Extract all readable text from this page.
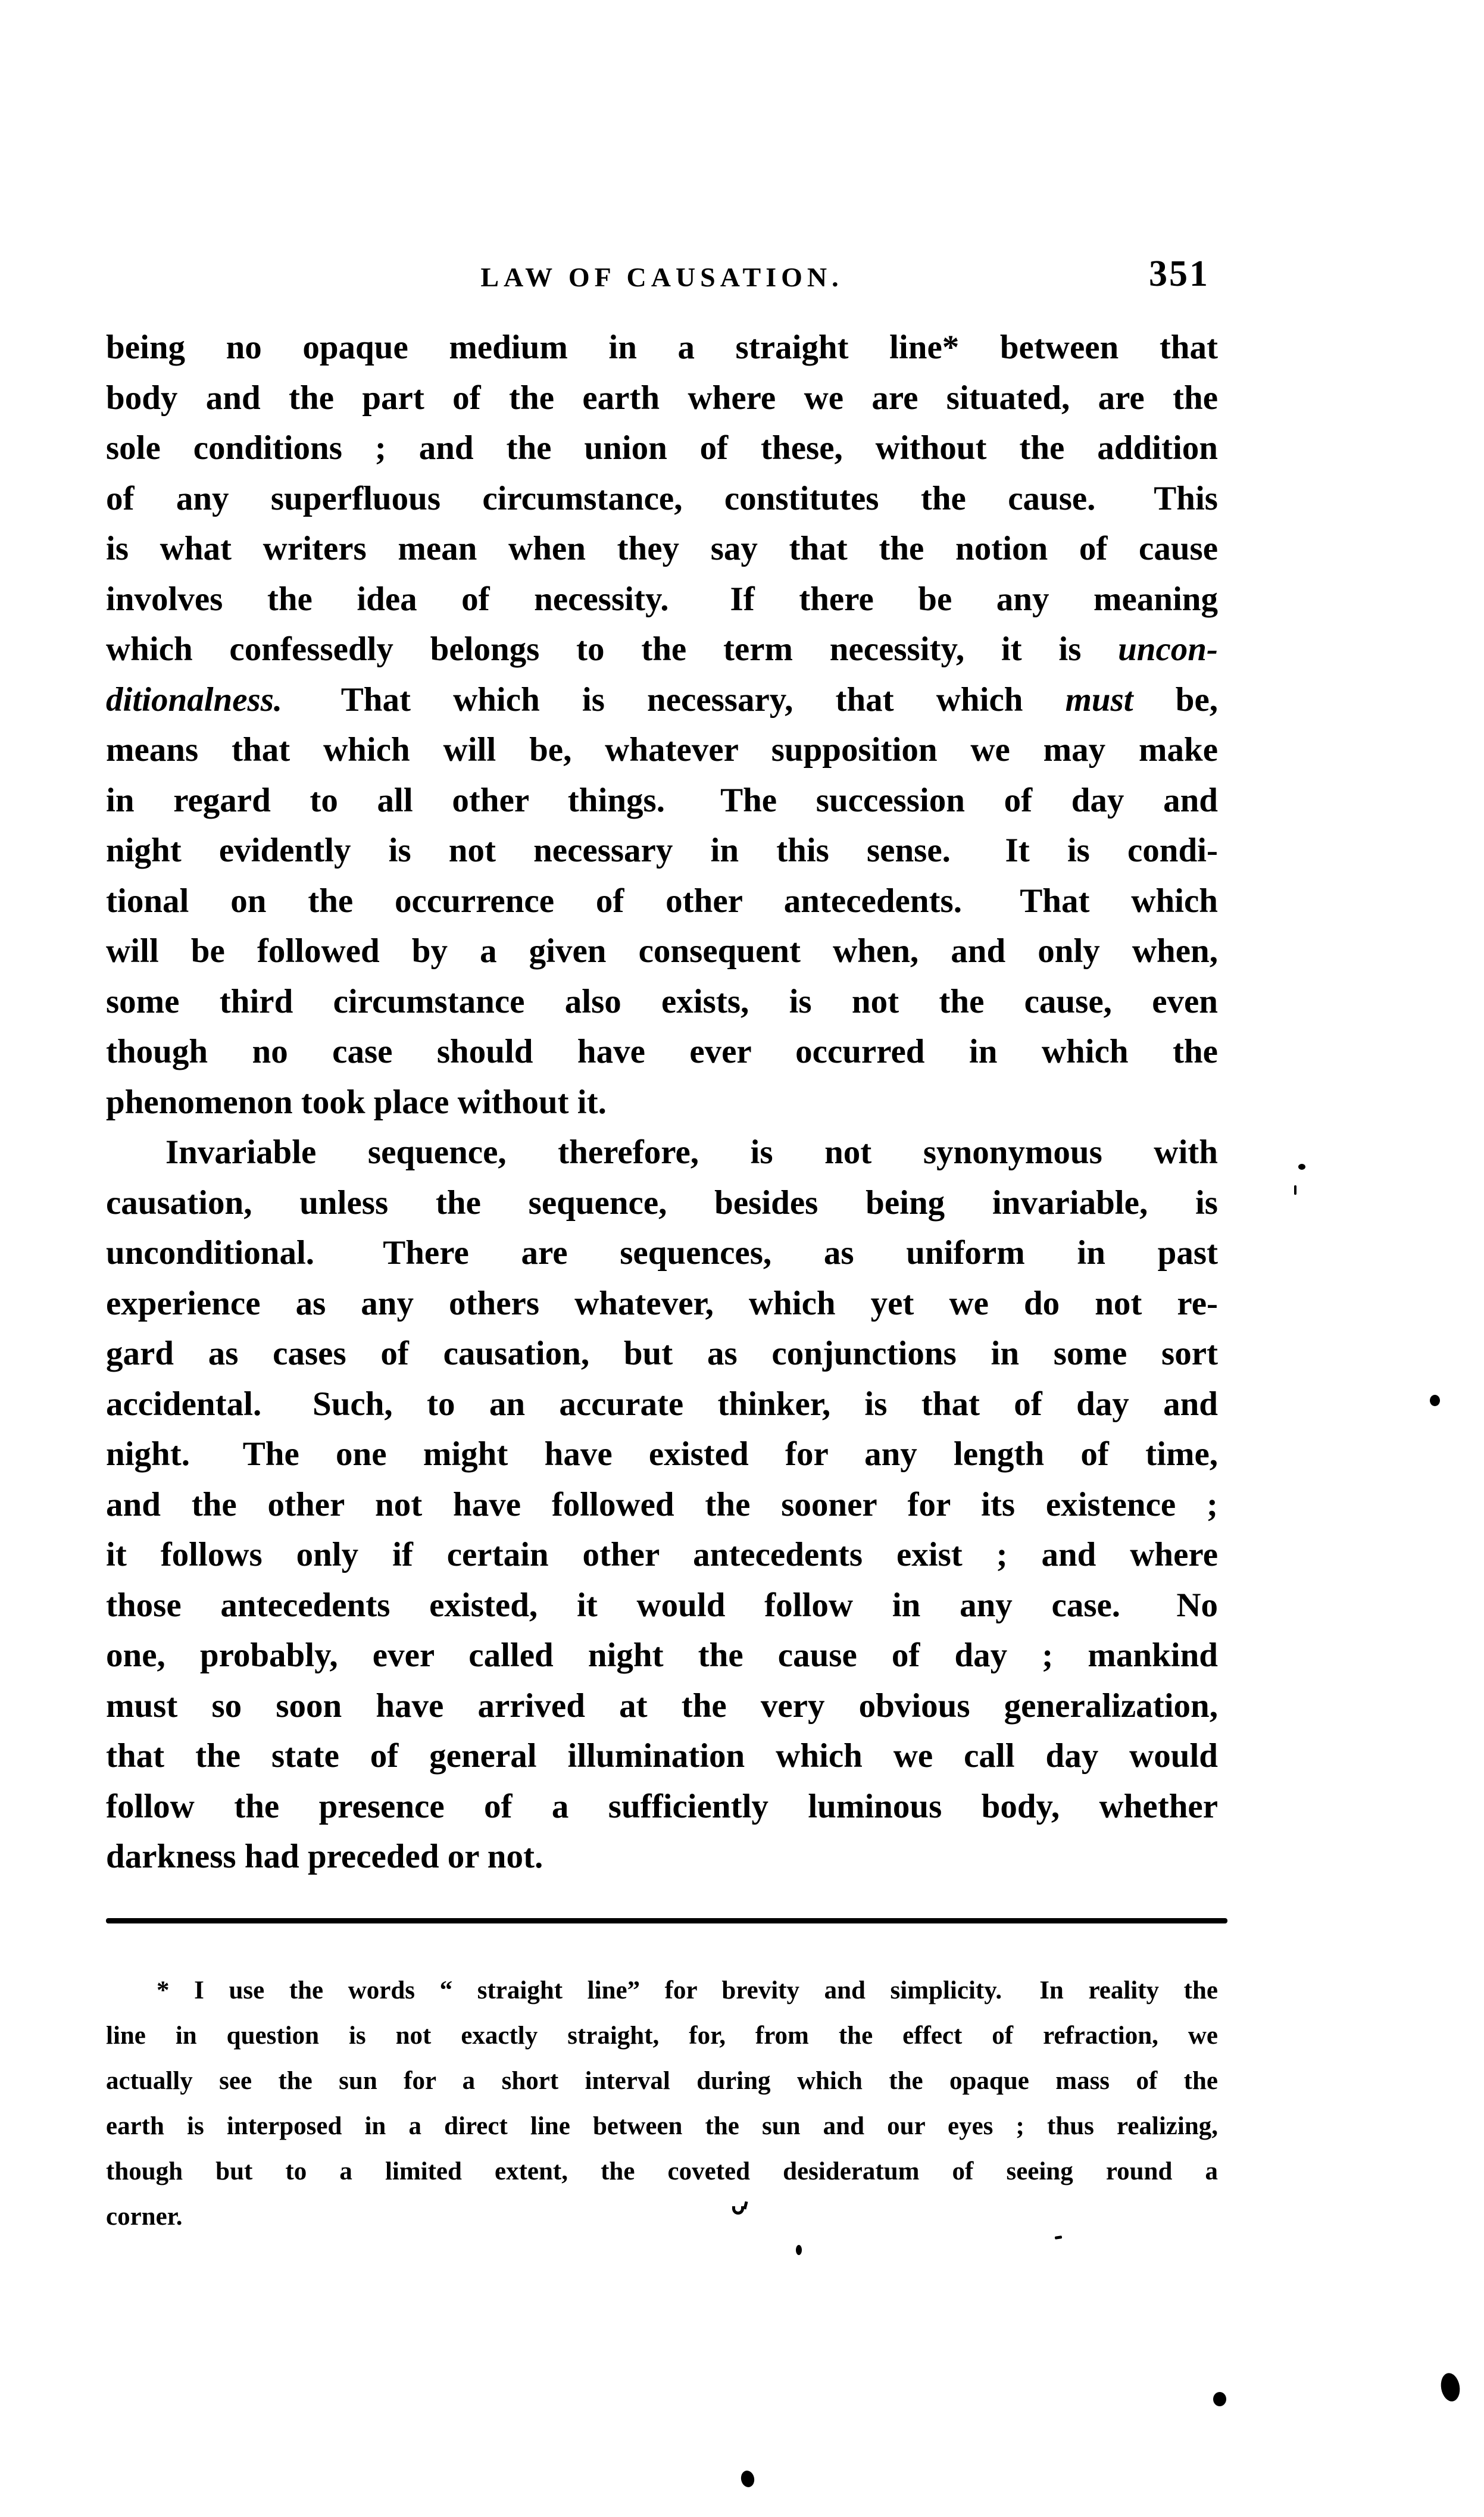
LAW OF CAUSATION.	351
being no opaque medium in a straight line* between that
body and the part of the earth where we are situated, are the
sole conditions ; and the union of these, without the addition
of any superfluous circumstance, constitutes the cause.  This
is what writers mean when they say that the notion of cause
involves the idea of necessity.  If there be any meaning
which confessedly belongs to the term necessity, it is uncon-
ditionalness.  That which is necessary, that which must be,
means that which will be, whatever supposition we may make
in regard to all other things.  The succession of day and
night evidently is not necessary in this sense.  It is condi-
tional on the occurrence of other antecedents.  That which
will be followed by a given consequent when, and only when,
some third circumstance also exists, is not the cause, even
though no case should have ever occurred in which the
phenomenon took place without it.
Invariable sequence, therefore, is not synonymous with
causation, unless the sequence, besides being invariable, is
unconditional.  There are sequences, as uniform in past
experience as any others whatever, which yet we do not re-
gard as cases of causation, but as conjunctions in some sort
accidental.  Such, to an accurate thinker, is that of day and
night.  The one might have existed for any length of time,
and the other not have followed the sooner for its existence ;
it follows only if certain other antecedents exist ; and where
those antecedents existed, it would follow in any case.  No
one, probably, ever called night the cause of day ; mankind
must so soon have arrived at the very obvious generalization,
that the state of general illumination which we call day would
follow the presence of a sufficiently luminous body, whether
darkness had preceded or not.
* I use the words “ straight line” for brevity and simplicity.  In reality the
line in question is not exactly straight, for, from the effect of refraction, we
actually see the sun for a short interval during which the opaque mass of the
earth is interposed in a direct line between the sun and our eyes ; thus realizing,
though but to a limited extent, the coveted desideratum of seeing round a
corner.
